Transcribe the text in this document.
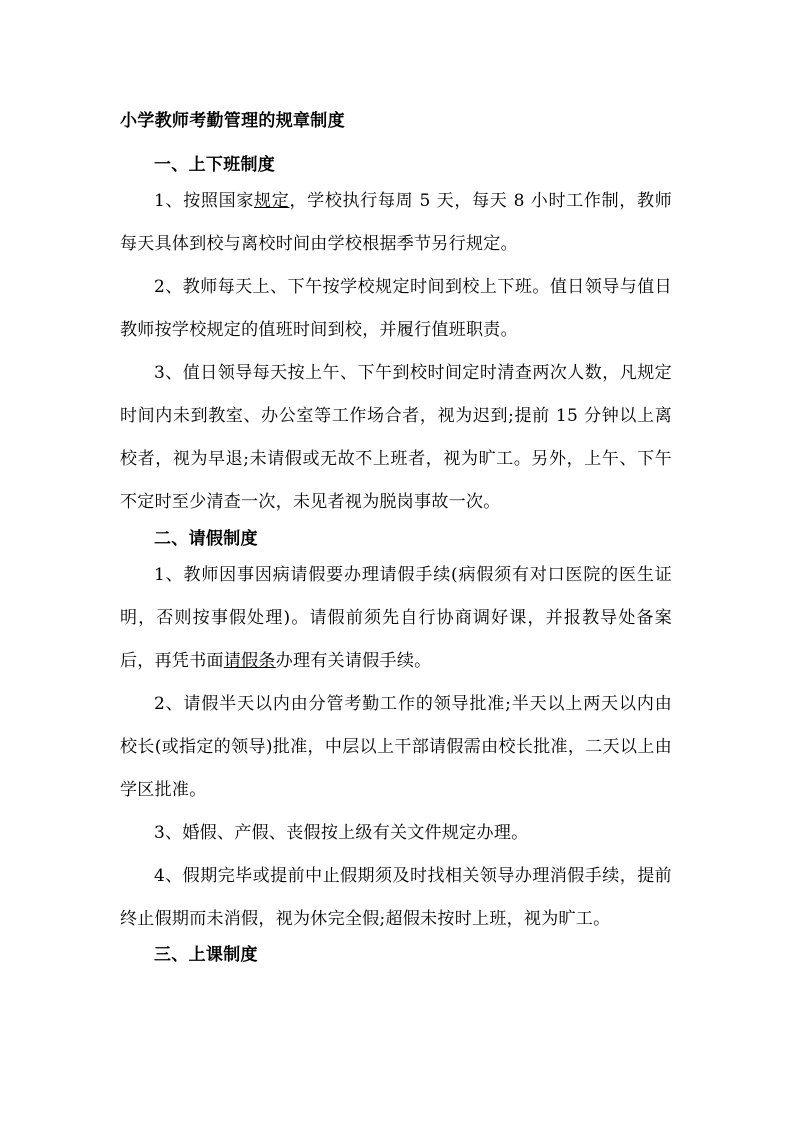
小学教师考勤管理的规章制度
一、上下班制度
1、按照国家规定，学校执行每周 5 天，每天 8 小时工作制，教师每天具体到校与离校时间由学校根据季节另行规定。
2、教师每天上、下午按学校规定时间到校上下班。值日领导与值日教师按学校规定的值班时间到校，并履行值班职责。
3、值日领导每天按上午、下午到校时间定时清查两次人数，凡规定时间内未到教室、办公室等工作场合者，视为迟到;提前 15 分钟以上离校者，视为早退;未请假或无故不上班者，视为旷工。另外，上午、下午不定时至少清查一次，未见者视为脱岗事故一次。
二、请假制度
1、教师因事因病请假要办理请假手续(病假须有对口医院的医生证明，否则按事假处理)。请假前须先自行协商调好课，并报教导处备案后，再凭书面请假条办理有关请假手续。
2、请假半天以内由分管考勤工作的领导批准;半天以上两天以内由校长(或指定的领导)批准，中层以上干部请假需由校长批准，二天以上由学区批准。
3、婚假、产假、丧假按上级有关文件规定办理。
4、假期完毕或提前中止假期须及时找相关领导办理消假手续，提前终止假期而未消假，视为休完全假;超假未按时上班，视为旷工。
三、上课制度
